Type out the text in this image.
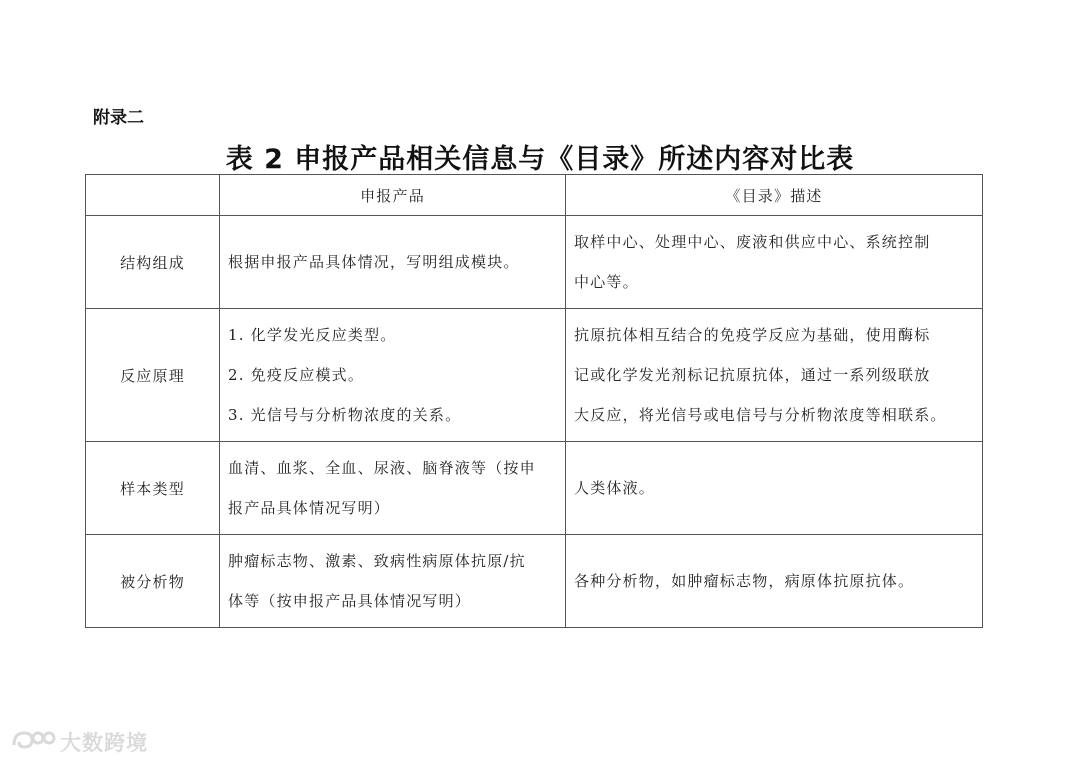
附录二
表 2 申报产品相关信息与《目录》所述内容对比表
	申报产品	《目录》描述
结构组成	根据申报产品具体情况，写明组成模块。	取样中心、处理中心、废液和供应中心、系统控制
中心等。

反应原理	1. 化学发光反应类型。
2. 免疫反应模式。
3. 光信号与分析物浓度的关系。	抗原抗体相互结合的免疫学反应为基础，使用酶标
记或化学发光剂标记抗原抗体，通过一系列级联放
大反应，将光信号或电信号与分析物浓度等相联系。

样本类型	血清、血浆、全血、尿液、脑脊液等（按申
报产品具体情况写明）	人类体液。

被分析物	肿瘤标志物、激素、致病性病原体抗原/抗
体等（按申报产品具体情况写明）	各种分析物，如肿瘤标志物，病原体抗原抗体。
大数跨境
